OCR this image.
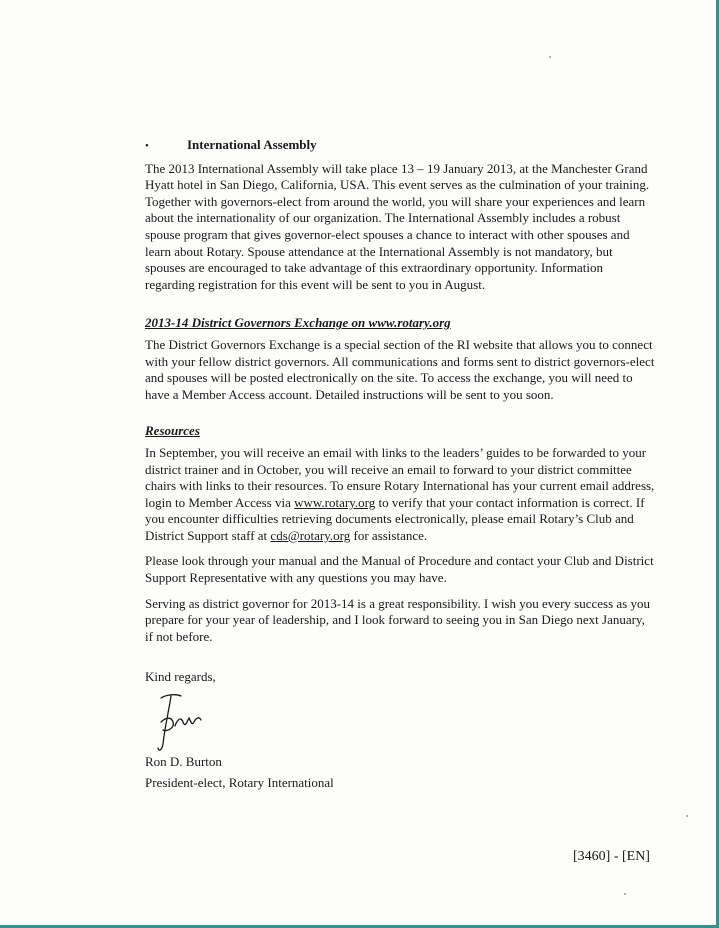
•	International Assembly

The 2013 International Assembly will take place 13 – 19 January 2013, at the Manchester Grand Hyatt hotel in San Diego, California, USA. This event serves as the culmination of your training. Together with governors-elect from around the world, you will share your experiences and learn about the internationality of our organization. The International Assembly includes a robust spouse program that gives governor-elect spouses a chance to interact with other spouses and learn about Rotary. Spouse attendance at the International Assembly is not mandatory, but spouses are encouraged to take advantage of this extraordinary opportunity. Information regarding registration for this event will be sent to you in August.

2013-14 District Governors Exchange on www.rotary.org

The District Governors Exchange is a special section of the RI website that allows you to connect with your fellow district governors. All communications and forms sent to district governors-elect and spouses will be posted electronically on the site. To access the exchange, you will need to have a Member Access account. Detailed instructions will be sent to you soon.

Resources

In September, you will receive an email with links to the leaders’ guides to be forwarded to your district trainer and in October, you will receive an email to forward to your district committee chairs with links to their resources. To ensure Rotary International has your current email address, login to Member Access via www.rotary.org to verify that your contact information is correct. If you encounter difficulties retrieving documents electronically, please email Rotary’s Club and District Support staff at cds@rotary.org for assistance.

Please look through your manual and the Manual of Procedure and contact your Club and District Support Representative with any questions you may have.

Serving as district governor for 2013-14 is a great responsibility. I wish you every success as you prepare for your year of leadership, and I look forward to seeing you in San Diego next January, if not before.

Kind regards,
Ron D. Burton
President-elect, Rotary International
[3460] - [EN]
